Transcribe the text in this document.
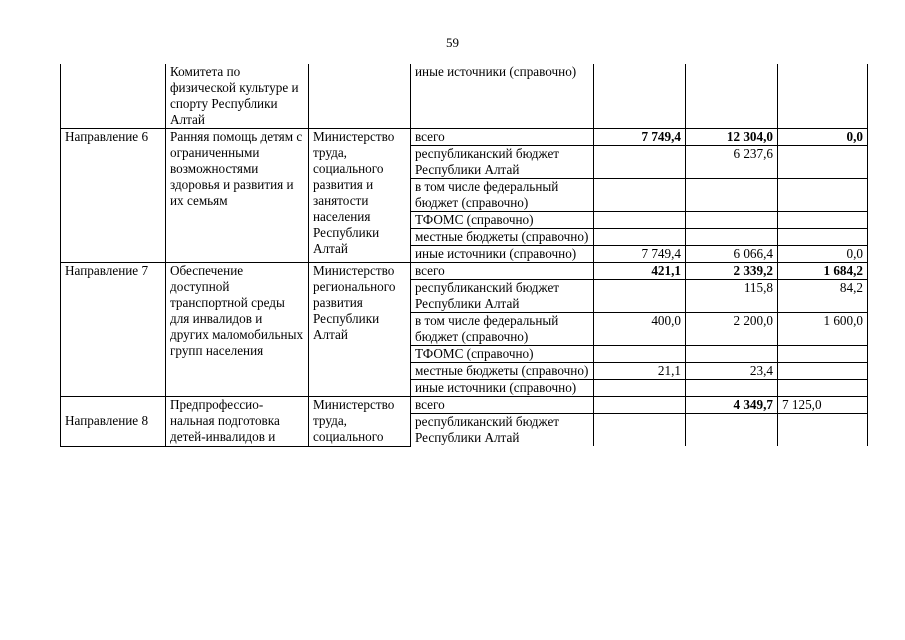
59
	Комитета по физической культуре и спорту Республики Алтай		иные источники (справочно)			
Направление 6	Ранняя помощь детям с ограниченными возможностями здоровья и развития и их семьям	Министерство труда, социального развития и занятости населения Республики Алтай	всего	7 749,4	12 304,0	0,0
			республиканский бюджет Республики Алтай		6 237,6	
			в том числе федеральный бюджет (справочно)			
			ТФОМС (справочно)			
			местные бюджеты (справочно)			
			иные источники (справочно)	7 749,4	6 066,4	0,0
Направление 7	Обеспечение доступной транспортной среды для инвалидов и других маломобильных групп населения	Министерство регионального развития Республики Алтай	всего	421,1	2 339,2	1 684,2
			республиканский бюджет Республики Алтай		115,8	84,2
			в том числе федеральный бюджет (справочно)	400,0	2 200,0	1 600,0
			ТФОМС (справочно)			
			местные бюджеты (справочно)	21,1	23,4	
			иные источники (справочно)			
Направление 8	Предпрофессио-нальная подготовка детей-инвалидов и	Министерство труда, социального	всего		4 349,7	7 125,0
			республиканский бюджет Республики Алтай			
